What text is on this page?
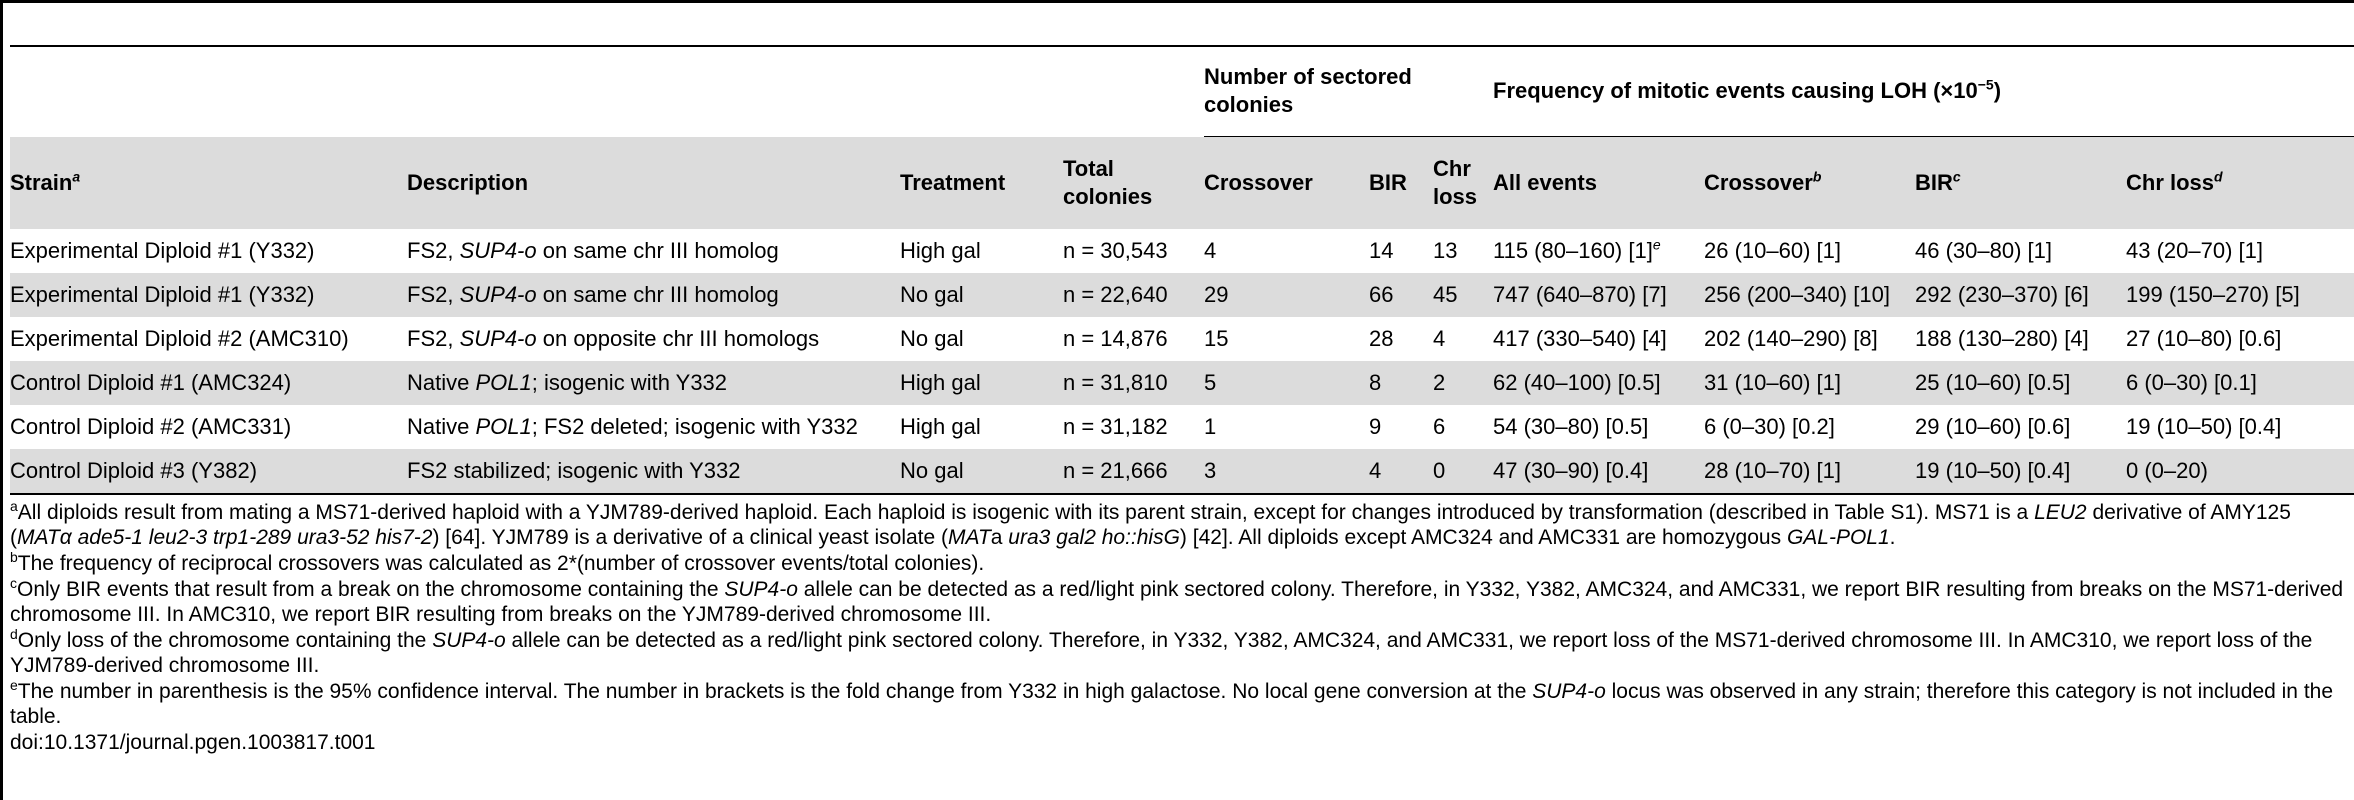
				Number of sectored colonies			Frequency of mitotic events causing LOH $(\times 10^{-5})$			
Strain$^a$	Description	Treatment	Total colonies	Crossover	BIR	Chr loss	All events	Crossover$^b$	BIR$^c$	Chr loss$^d$
Experimental Diploid #1 (Y332)	FS2, SUP4-o on same chr III homolog	High gal	n = 30,543	4	14	13	115 (80–160) $[1]^e$	26 (10–60) [1]	46 (30–80) [1]	43 (20–70) [1]
Experimental Diploid #1 (Y332)	FS2, SUP4-o on same chr III homolog	No gal	n = 22,640	29	66	45	747 (640–870) [7]	256 (200–340) [10]	292 (230–370) [6]	199 (150–270) [5]
Experimental Diploid #2 (AMC310)	FS2, SUP4-o on opposite chr III homologs	No gal	n = 14,876	15	28	4	417 (330–540) [4]	202 (140–290) [8]	188 (130–280) [4]	27 (10–80) [0.6]
Control Diploid #1 (AMC324)	Native POL1; isogenic with Y332	High gal	n = 31,810	5	8	2	62 (40–100) [0.5]	31 (10–60) [1]	25 (10–60) [0.5]	6 (0–30) [0.1]
Control Diploid #2 (AMC331)	Native POL1; FS2 deleted; isogenic with Y332	High gal	n = 31,182	1	9	6	54 (30–80) [0.5]	6 (0–30) [0.2]	29 (10–60) [0.6]	19 (10–50) [0.4]
Control Diploid #3 (Y382)	FS2 stabilized; isogenic with Y332	No gal	n = 21,666	3	4	0	47 (30–90) [0.4]	28 (10–70) [1]	19 (10–50) [0.4]	0 (0–20)

$^a$All diploids result from mating a MS71-derived haploid with a YJM789-derived haploid. Each haploid is isogenic with its parent strain, except for changes introduced by transformation (described in Table S1). MS71 is a LEU2 derivative of AMY125 (MATα ade5-1 leu2-3 trp1-289 ura3-52 his7-2) [64]. YJM789 is a derivative of a clinical yeast isolate (MATa ura3 gal2 ho::hisG) [42]. All diploids except AMC324 and AMC331 are homozygous GAL-POL1.

$^b$The frequency of reciprocal crossovers was calculated as 2*(number of crossover events/total colonies).

$^c$Only BIR events that result from a break on the chromosome containing the SUP4-o allele can be detected as a red/light pink sectored colony. Therefore, in Y332, Y382, AMC324, and AMC331, we report BIR resulting from breaks on the MS71-derived chromosome III. In AMC310, we report BIR resulting from breaks on the YJM789-derived chromosome III.

$^d$Only loss of the chromosome containing the SUP4-o allele can be detected as a red/light pink sectored colony. Therefore, in Y332, Y382, AMC324, and AMC331, we report loss of the MS71-derived chromosome III. In AMC310, we report loss of the YJM789-derived chromosome III.

$^e$The number in parenthesis is the 95% confidence interval. The number in brackets is the fold change from Y332 in high galactose. No local gene conversion at the SUP4-o locus was observed in any strain; therefore this category is not included in the table.

doi:10.1371/journal.pgen.1003817.t001
